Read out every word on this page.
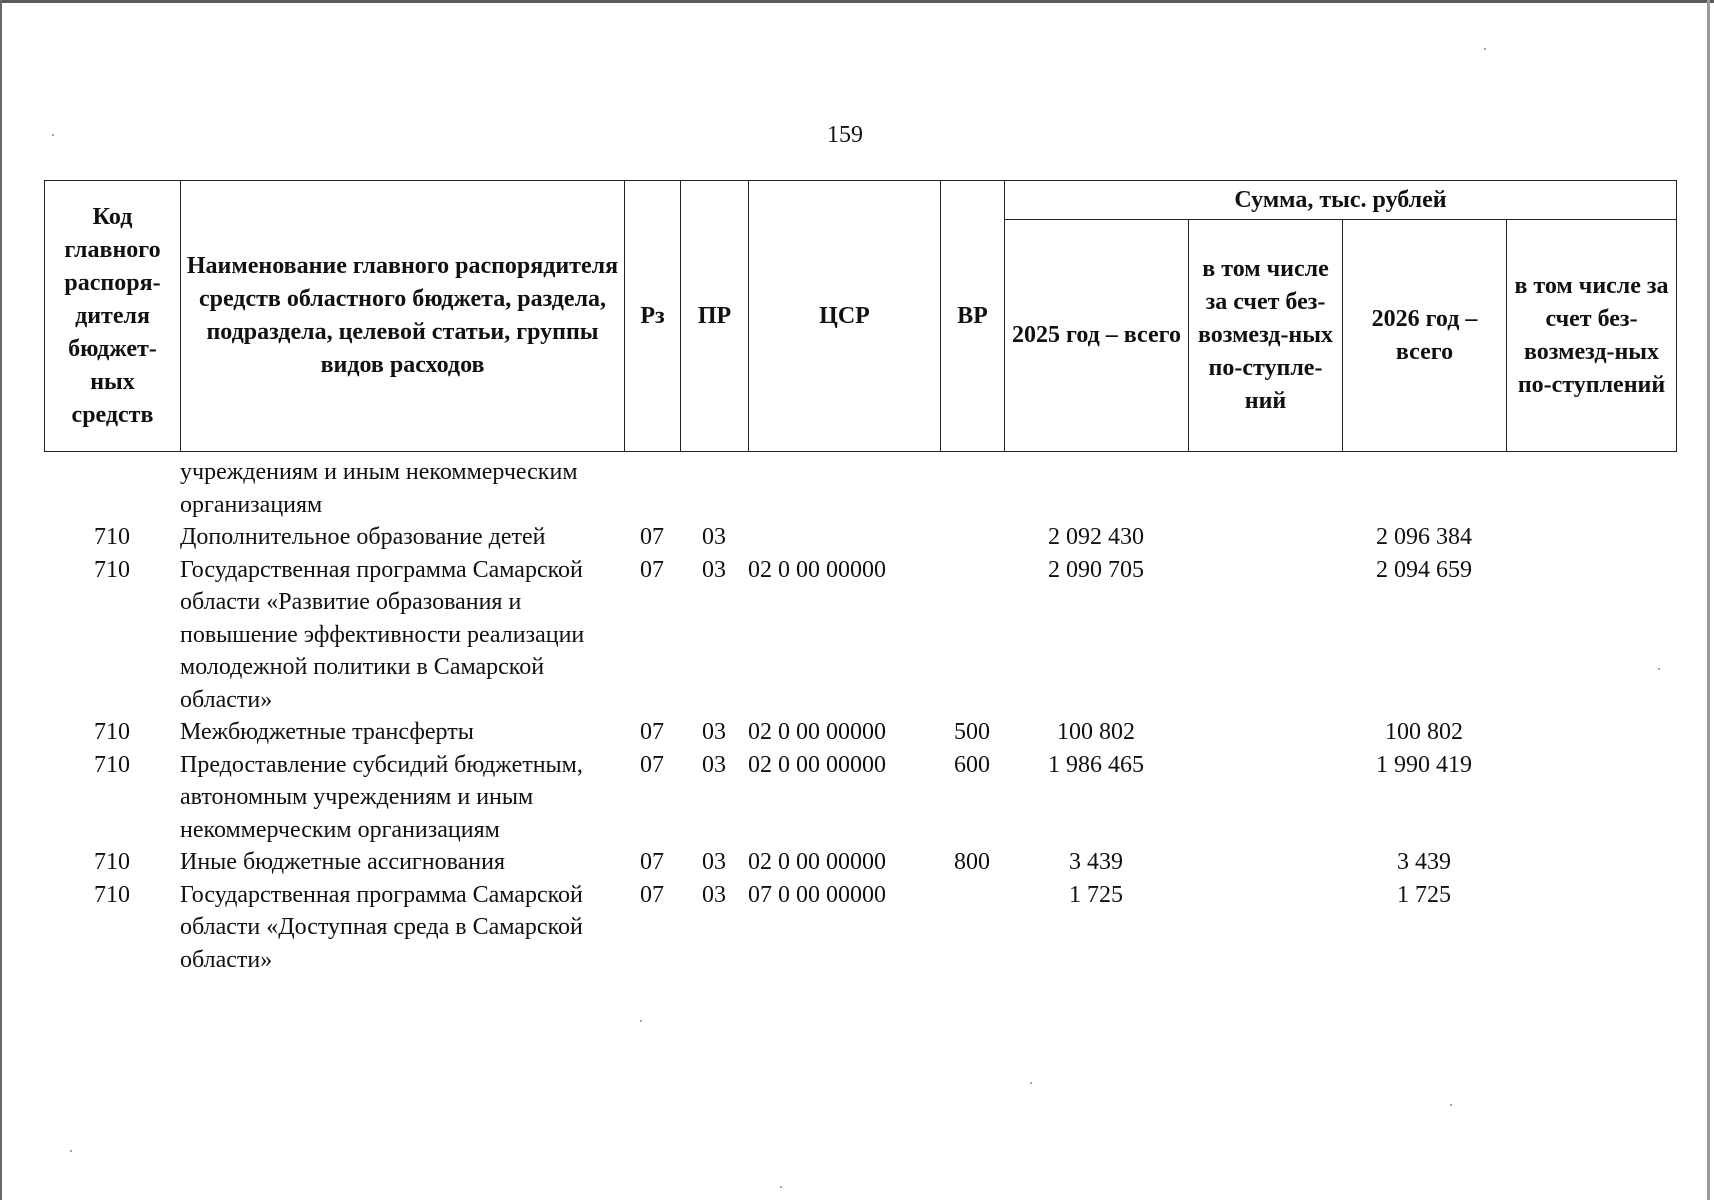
159
Код главного распоря-дителя бюджет-ных средств	Наименование главного распорядителя средств областного бюджета, раздела, подраздела, целевой статьи, группы видов расходов	Рз	ПР	ЦСР	ВР	Сумма, тыс. рублей			
						2025 год – всего	в том числе за счет без-возмезд-ных по-ступле-ний	2026 год – всего	в том числе за счет без-возмезд-ных по-ступлений
	учреждениям и иным некоммерческим организациям								
710	Дополнительное образование детей	07	03			2 092 430		2 096 384	
710	Государственная программа Самарской области «Развитие образования и повышение эффективности реализации молодежной политики в Самарской области»	07	03	02 0 00 00000		2 090 705		2 094 659	
710	Межбюджетные трансферты	07	03	02 0 00 00000	500	100 802		100 802	
710	Предоставление субсидий бюджетным, автономным учреждениям и иным некоммерческим организациям	07	03	02 0 00 00000	600	1 986 465		1 990 419	
710	Иные бюджетные ассигнования	07	03	02 0 00 00000	800	3 439		3 439	
710	Государственная программа Самарской области «Доступная среда в Самарской области»	07	03	07 0 00 00000		1 725		1 725	
